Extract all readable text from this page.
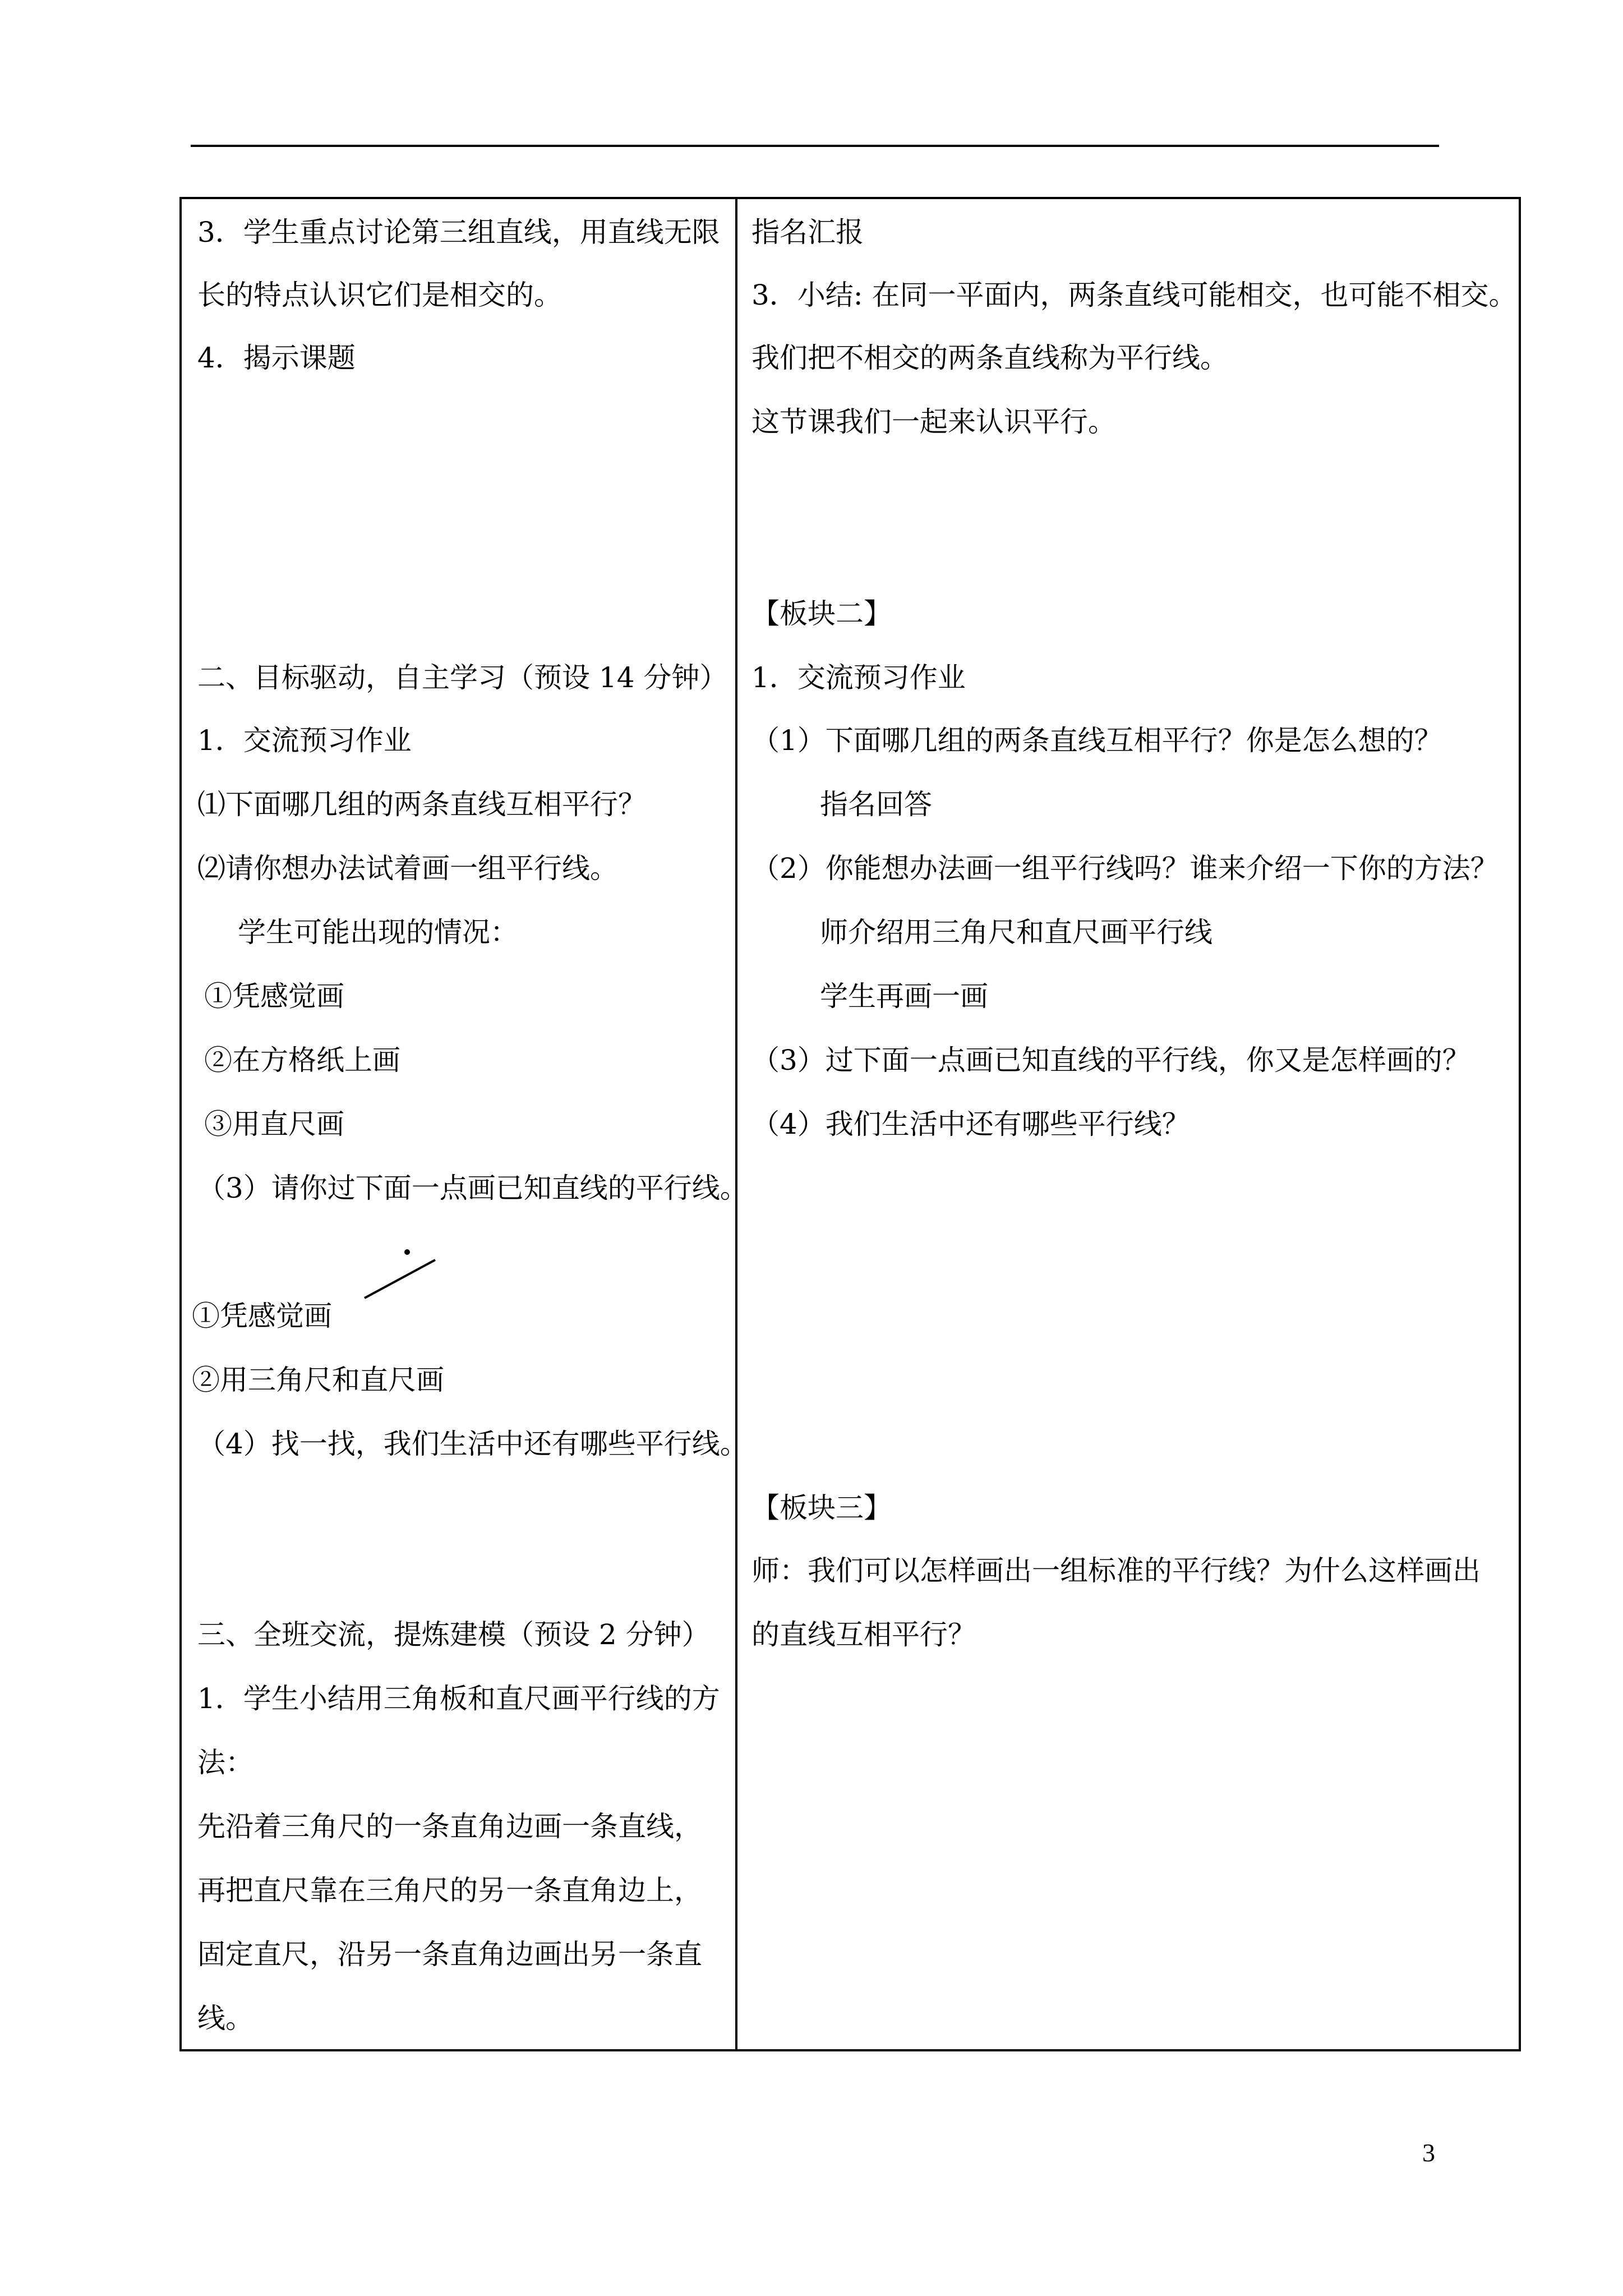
3．学生重点讨论第三组直线，用直线无限
长的特点认识它们是相交的。
4．揭示课题
二、目标驱动，自主学习（预设 14 分钟）
1．交流预习作业
⑴下面哪几组的两条直线互相平行？
⑵请你想办法试着画一组平行线。
学生可能出现的情况：
①凭感觉画
②在方格纸上画
③用直尺画
（3）请你过下面一点画已知直线的平行线。
①凭感觉画
②用三角尺和直尺画
（4）找一找，我们生活中还有哪些平行线。
三、全班交流，提炼建模（预设 2 分钟）
1．学生小结用三角板和直尺画平行线的方
法：
先沿着三角尺的一条直角边画一条直线，
再把直尺靠在三角尺的另一条直角边上，
固定直尺，沿另一条直角边画出另一条直
线。
指名汇报
3．小结: 在同一平面内，两条直线可能相交，也可能不相交。
我们把不相交的两条直线称为平行线。
这节课我们一起来认识平行。
【板块二】
1．交流预习作业
（1）下面哪几组的两条直线互相平行？你是怎么想的？
指名回答
（2）你能想办法画一组平行线吗？谁来介绍一下你的方法？
师介绍用三角尺和直尺画平行线
学生再画一画
（3）过下面一点画已知直线的平行线，你又是怎样画的？
（4）我们生活中还有哪些平行线？
【板块三】
师：我们可以怎样画出一组标准的平行线？为什么这样画出
的直线互相平行？
3
